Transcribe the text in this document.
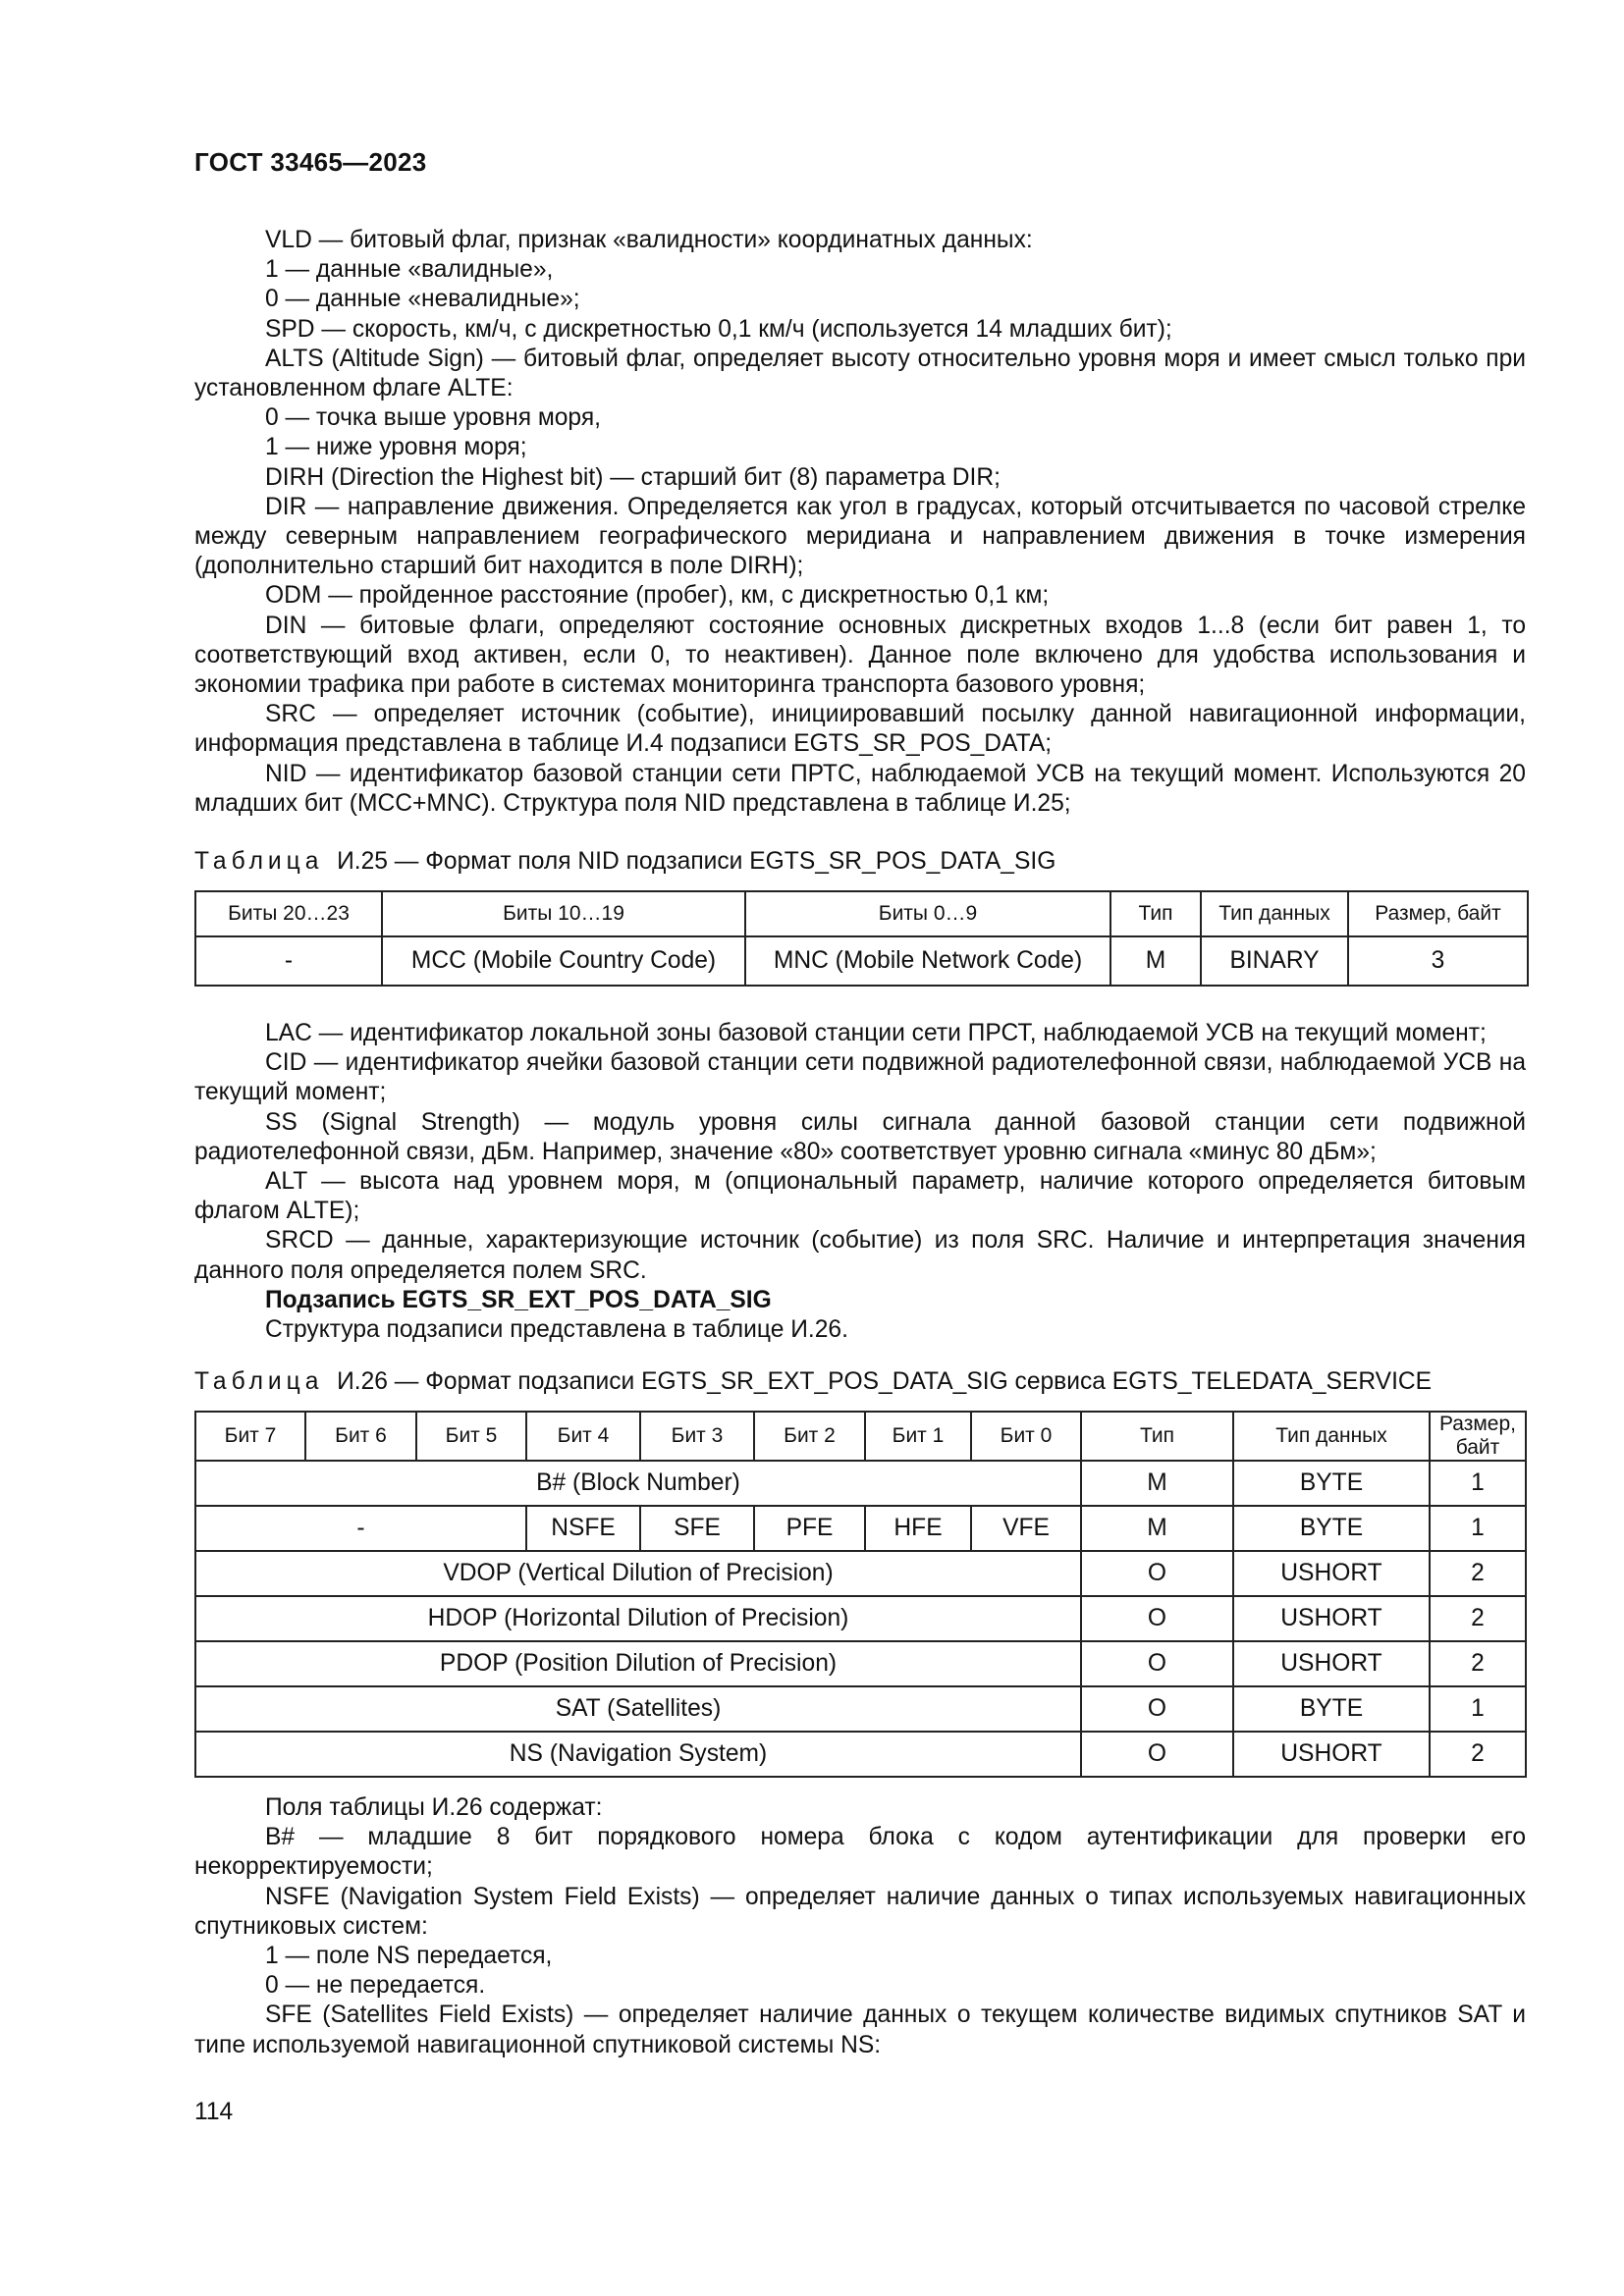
ГОСТ 33465—2023

VLD — битовый флаг, признак «валидности» координатных данных:

1 — данные «валидные»,

0 — данные «невалидные»;

SPD — скорость, км/ч, с дискретностью 0,1 км/ч (используется 14 младших бит);

ALTS (Altitude Sign) — битовый флаг, определяет высоту относительно уровня моря и имеет смысл только при установленном флаге ALTE:

0 — точка выше уровня моря,

1 — ниже уровня моря;

DIRH (Direction the Highest bit) — старший бит (8) параметра DIR;

DIR — направление движения. Определяется как угол в градусах, который отсчитывается по часовой стрелке между северным направлением географического меридиана и направлением движения в точке измерения (дополнительно старший бит находится в поле DIRH);

ODM — пройденное расстояние (пробег), км, с дискретностью 0,1 км;

DIN — битовые флаги, определяют состояние основных дискретных входов 1...8 (если бит равен 1, то соответствующий вход активен, если 0, то неактивен). Данное поле включено для удобства использования и экономии трафика при работе в системах мониторинга транспорта базового уровня;

SRC — определяет источник (событие), инициировавший посылку данной навигационной информации, информация представлена в таблице И.4 подзаписи EGTS_SR_POS_DATA;

NID — идентификатор базовой станции сети ПРТС, наблюдаемой УСВ на текущий момент. Используются 20 младших бит (MCC+MNC). Структура поля NID представлена в таблице И.25;

Таблица И.25 — Формат поля NID подзаписи EGTS_SR_POS_DATA_SIG
Биты 20…23	Биты 10…19	Биты 0…9	Тип	Тип данных	Размер, байт
-	MCC (Mobile Country Code)	MNC (Mobile Network Code)	M	BINARY	3

LAC — идентификатор локальной зоны базовой станции сети ПРСТ, наблюдаемой УСВ на текущий момент;

CID — идентификатор ячейки базовой станции сети подвижной радиотелефонной связи, наблюдаемой УСВ на текущий момент;

SS (Signal Strength) — модуль уровня силы сигнала данной базовой станции сети подвижной радиотелефонной связи, дБм. Например, значение «80» соответствует уровню сигнала «минус 80 дБм»;

ALT — высота над уровнем моря, м (опциональный параметр, наличие которого определяется битовым флагом ALTE);

SRCD — данные, характеризующие источник (событие) из поля SRC. Наличие и интерпретация значения данного поля определяется полем SRC.

Подзапись EGTS_SR_EXT_POS_DATA_SIG

Структура подзаписи представлена в таблице И.26.

Таблица И.26 — Формат подзаписи EGTS_SR_EXT_POS_DATA_SIG сервиса EGTS_TELEDATA_SERVICE
Бит 7	Бит 6	Бит 5	Бит 4	Бит 3	Бит 2	Бит 1	Бит 0	Тип	Тип данных	Размер, байт
B# (Block Number)								M	BYTE	1
-			NSFE	SFE	PFE	HFE	VFE	M	BYTE	1
VDOP (Vertical Dilution of Precision)								O	USHORT	2
HDOP (Horizontal Dilution of Precision)								O	USHORT	2
PDOP (Position Dilution of Precision)								O	USHORT	2
SAT (Satellites)								O	BYTE	1
NS (Navigation System)								O	USHORT	2

Поля таблицы И.26 содержат:

B# — младшие 8 бит порядкового номера блока с кодом аутентификации для проверки его некорректируемости;

NSFE (Navigation System Field Exists) — определяет наличие данных о типах используемых навигационных спутниковых систем:

1 — поле NS передается,

0 — не передается.

SFE (Satellites Field Exists) — определяет наличие данных о текущем количестве видимых спутников SAT и типе используемой навигационной спутниковой системы NS:

114
